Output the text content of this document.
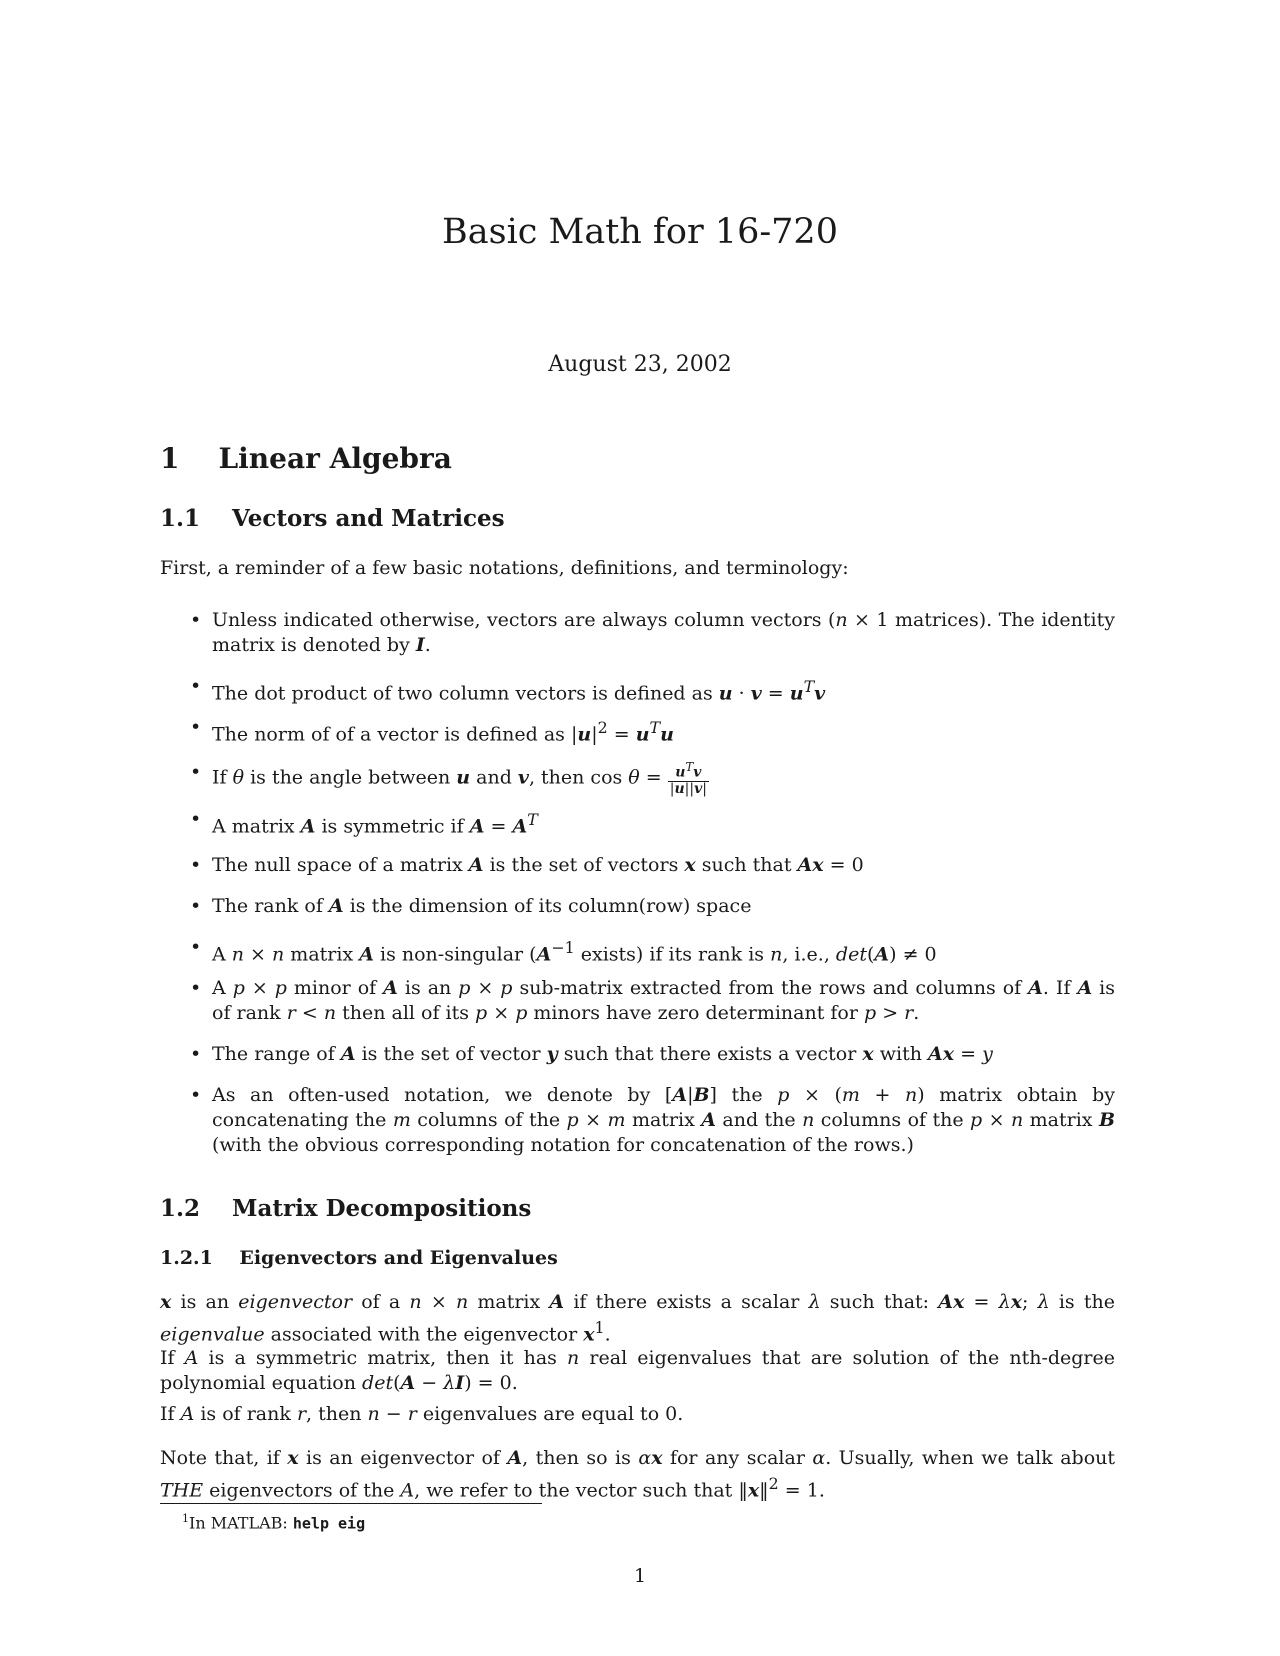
Basic Math for 16-720
August 23, 2002
1 Linear Algebra
1.1 Vectors and Matrices
First, a reminder of a few basic notations, definitions, and terminology:
• Unless indicated otherwise, vectors are always column vectors (n × 1 matrices). The identity matrix is denoted by I.
• The dot product of two column vectors is defined as $u \cdot v = u^Tv$
• The norm of of a vector is defined as $|u|^2 = u^Tu$
• If θ is the angle between u and v, then $\cos \theta = \frac{u^Tv}{|u||v|}$
• A matrix A is symmetric if $A = A^T$
• The null space of a matrix A is the set of vectors x such that Ax = 0
• The rank of A is the dimension of its column(row) space
• A n × n matrix A is non-singular ($A^{-1}$ exists) if its rank is n, i.e., det(A) ≠ 0
• A p × p minor of A is an p × p sub-matrix extracted from the rows and columns of A. If A is of rank r < n then all of its p × p minors have zero determinant for p > r.
• The range of A is the set of vector y such that there exists a vector x with Ax = y
• As an often-used notation, we denote by [A|B] the p × (m + n) matrix obtain by concatenating the m columns of the p × m matrix A and the n columns of the p × n matrix B (with the obvious corresponding notation for concatenation of the rows.)
1.2 Matrix Decompositions
1.2.1 Eigenvectors and Eigenvalues
x is an eigenvector of a n × n matrix A if there exists a scalar λ such that: Ax = λx; λ is the eigenvalue associated with the eigenvector $x^1$.
If A is a symmetric matrix, then it has n real eigenvalues that are solution of the nth-degree polynomial equation det(A − λI) = 0.
If A is of rank r, then n − r eigenvalues are equal to 0.
Note that, if x is an eigenvector of A, then so is αx for any scalar α. Usually, when we talk about THE eigenvectors of the A, we refer to the vector such that ‖x‖$^2$ = 1.
$^1$In MATLAB: help eig
1
